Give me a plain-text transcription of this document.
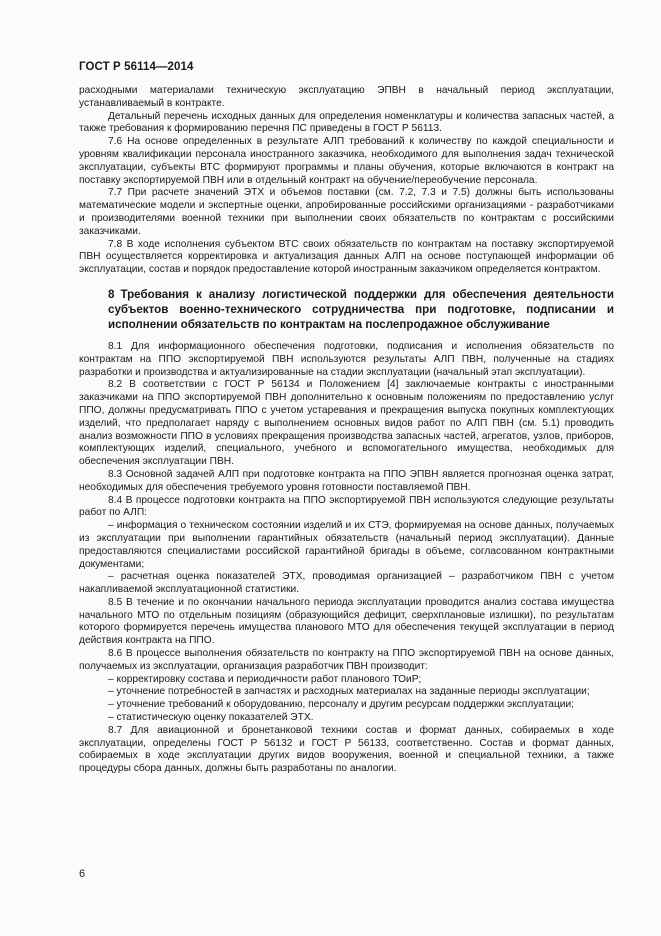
ГОСТ Р 56114—2014

расходными материалами техническую эксплуатацию ЭПВН в начальный период эксплуатации, устанавливаемый в контракте.

Детальный перечень исходных данных для определения номенклатуры и количества запасных частей, а также требования к формированию перечня ПС приведены в ГОСТ Р 56113.

7.6 На основе определенных в результате АЛП требований к количеству по каждой специальности и уровням квалификации персонала иностранного заказчика, необходимого для выполнения задач технической эксплуатации, субъекты ВТС формируют программы и планы обучения, которые включаются в контракт на поставку экспортируемой ПВН или в отдельный контракт на обучение/переобучение персонала.

7.7 При расчете значений ЭТХ и объемов поставки (см. 7.2, 7.3 и 7.5) должны быть использованы математические модели и экспертные оценки, апробированные российскими организациями - разработчиками и производителями военной техники при выполнении своих обязательств по контрактам с российскими заказчиками.

7.8 В ходе исполнения субъектом ВТС своих обязательств по контрактам на поставку экспортируемой ПВН осуществляется корректировка и актуализация данных АЛП на основе поступающей информации об эксплуатации, состав и порядок предоставление которой иностранным заказчиком определяется контрактом.

8 Требования к анализу логистической поддержки для обеспечения деятельности субъектов военно-технического сотрудничества при подготовке, подписании и исполнении обязательств по контрактам на послепродажное обслуживание

8.1 Для информационного обеспечения подготовки, подписания и исполнения обязательств по контрактам на ППО экспортируемой ПВН используются результаты АЛП ПВН, полученные на стадиях разработки и производства и актуализированные на стадии эксплуатации (начальный этап эксплуатации).

8.2 В соответствии с ГОСТ Р 56134 и Положением [4] заключаемые контракты с иностранными заказчиками на ППО экспортируемой ПВН дополнительно к основным положениям по предоставлению услуг ППО, должны предусматривать ППО с учетом устаревания и прекращения выпуска покупных комплектующих изделий, что предполагает наряду с выполнением основных видов работ по АЛП ПВН (см. 5.1) проводить анализ возможности ППО в условиях прекращения производства запасных частей, агрегатов, узлов, приборов, комплектующих изделий, специального, учебного и вспомогательного имущества, необходимых для обеспечения эксплуатации ПВН.

8.3 Основной задачей АЛП при подготовке контракта на ППО ЭПВН является прогнозная оценка затрат, необходимых для обеспечения требуемого уровня готовности поставляемой ПВН.

8.4 В процессе подготовки контракта на ППО экспортируемой ПВН используются следующие результаты работ по АЛП:

– информация о техническом состоянии изделий и их СТЭ, формируемая на основе данных, получаемых из эксплуатации при выполнении гарантийных обязательств (начальный период эксплуатации). Данные предоставляются специалистами российской гарантийной бригады в объеме, согласованном контрактными документами;

– расчетная оценка показателей ЭТХ, проводимая организацией – разработчиком ПВН с учетом накапливаемой эксплуатационной статистики.

8.5 В течение и по окончании начального периода эксплуатации проводится анализ состава имущества начального МТО по отдельным позициям (образующийся дефицит, сверхплановые излишки), по результатам которого формируется перечень имущества планового МТО для обеспечения текущей эксплуатации в период действия контракта на ППО.

8.6 В процессе выполнения обязательств по контракту на ППО экспортируемой ПВН на основе данных, получаемых из эксплуатации, организация разработчик ПВН производит:

– корректировку состава и периодичности работ планового ТОиР;

– уточнение потребностей в запчастях и расходных материалах на заданные периоды эксплуатации;

– уточнение требований к оборудованию, персоналу и другим ресурсам поддержки эксплуатации;

– статистическую оценку показателей ЭТХ.

8.7 Для авиационной и бронетанковой техники состав и формат данных, собираемых в ходе эксплуатации, определены ГОСТ Р 56132 и ГОСТ Р 56133, соответственно. Состав и формат данных, собираемых в ходе эксплуатации других видов вооружения, военной и специальной техники, а также процедуры сбора данных, должны быть разработаны по аналогии.

6
